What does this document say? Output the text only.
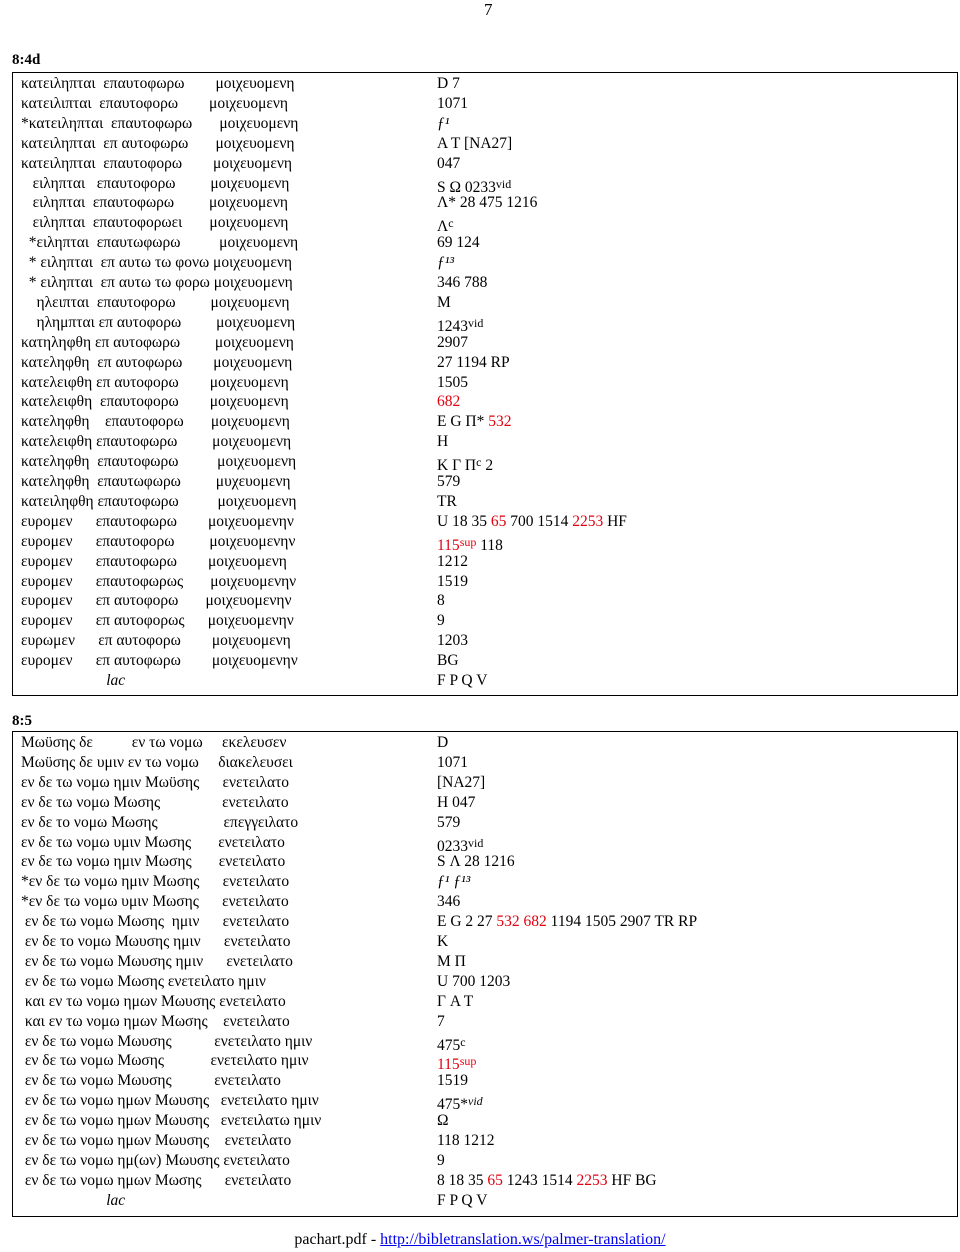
7
8:4d
κατειληπται  επαυτοφωρω        μοιχευομενη	D 7
κατειλιπται  επαυτοφορω        μοιχευομενη	1071
*κατειληπται  επαυτοφωρω       μοιχευομενη	ƒ¹
κατειληπται  επ αυτοφωρω       μοιχευομενη	A T [NA27]
κατειληπται  επαυτοφορω        μοιχευομενη	047
ειληπται   επαυτοφορω         μοιχευομενη	S Ω $0233^{vid}$
ειληπται  επαυτοφωρω         μοιχευομενη	Λ* 28 475 1216
ειληπται  επαυτοφορωει       μοιχευομενη	$\Lambda^c$
*ειληπται  επαυτωφωρω          μοιχευομενη	69 124
* ειληπται  επ αυτω τω φονω μοιχευομενη	ƒ¹³
* ειληπται  επ αυτω τω φορω μοιχευομενη	346 788
ηλειπται  επαυτοφορω         μοιχευομενη	M
ηλημπται επ αυτοφορω         μοιχευομενη	$1243^{vid}$
κατηληφθη επ αυτοφωρω         μοιχευομενη	2907
κατεληφθη  επ αυτοφωρω        μοιχευομενη	27 1194 RP
κατελειφθη επ αυτοφορω        μοιχευομενη	1505
κατελειφθη  επαυτοφορω        μοιχευομενη	682
κατεληφθη    επαυτοφορω       μοιχευομενη	E G Π* 532
κατελειφθη επαυτοφωρω         μοιχευομενη	H
κατεληφθη  επαυτοφωρω          μοιχευομενη	K Γ $\Pi^c$ 2
κατεληφθη  επαυτωφωρω         μυχευομενη	579
κατειληφθη επαυτοφωρω          μοιχευομενη	TR
ευρομεν      επαυτοφωρω        μοιχευομενην	U 18 35 65 700 1514 2253 HF
ευρομεν      επαυτοφορω         μοιχευομενην	$115^{sup}$ 118
ευρομεν      επαυτοφωρω        μοιχευομενη	1212
ευρομεν      επαυτοφωρως       μοιχευομενην	1519
ευρομεν      επ αυτοφορω       μοιχευομενην	8
ευρομεν      επ αυτοφορως      μοιχευομενην	9
ευρωμεν      επ αυτοφορω        μοιχευομενη	1203
ευρομεν      επ αυτοφωρω        μοιχευομενην	BG
lac	F P Q V
8:5
Μωϋσης δε          εν τω νομω     εκελευσεν	D
Μωϋσης δε υμιν εν τω νομω     διακελευσει	1071
εν δε τω νομω ημιν Μωϋσης      ενετειλατο	[NA27]
εν δε τω νομω Μωσης                ενετειλατο	H 047
εν δε το νομω Μωσης                 επεγγειλατο	579
εν δε τω νομω υμιν Μωσης       ενετειλατο	$0233^{vid}$
εν δε τω νομω ημιν Μωσης       ενετειλατο	S Λ 28 1216
*εν δε τω νομω ημιν Μωσης      ενετειλατο	ƒ¹ ƒ¹³
*εν δε τω νομω υμιν Μωσης      ενετειλατο	346
εν δε τω νομω Μωσης  ημιν      ενετειλατο	E G 2 27 532 682 1194 1505 2907 TR RP
εν δε το νομω Μωυσης ημιν      ενετειλατο	K
εν δε τω νομω Μωυσης ημιν      ενετειλατο	M Π
εν δε τω νομω Μωσης ενετειλατο ημιν	U 700 1203
και εν τω νομω ημων Μωυσης ενετειλατο	Γ A T
και εν τω νομω ημων Μωσης    ενετειλατο	7
εν δε τω νομω Μωυσης           ενετειλατο ημιν	475$^c$
εν δε τω νομω Μωσης            ενετειλατο ημιν	$115^{sup}$
εν δε τω νομω Μωυσης           ενετειλατο	1519
εν δε τω νομω ημων Μωυσης   ενετειλατο ημιν	475*$^{vid}$
εν δε τω νομω ημων Μωυσης   ενετειλατω ημιν	Ω
εν δε τω νομω ημων Μωυσης    ενετειλατο	118 1212
εν δε τω νομω ημ(ων) Μωυσης ενετειλατο	9
εν δε τω νομω ημων Μωσης      ενετειλατο	8 18 35 65 1243 1514 2253 HF BG
lac	F P Q V
pachart.pdf - http://bibletranslation.ws/palmer-translation/
